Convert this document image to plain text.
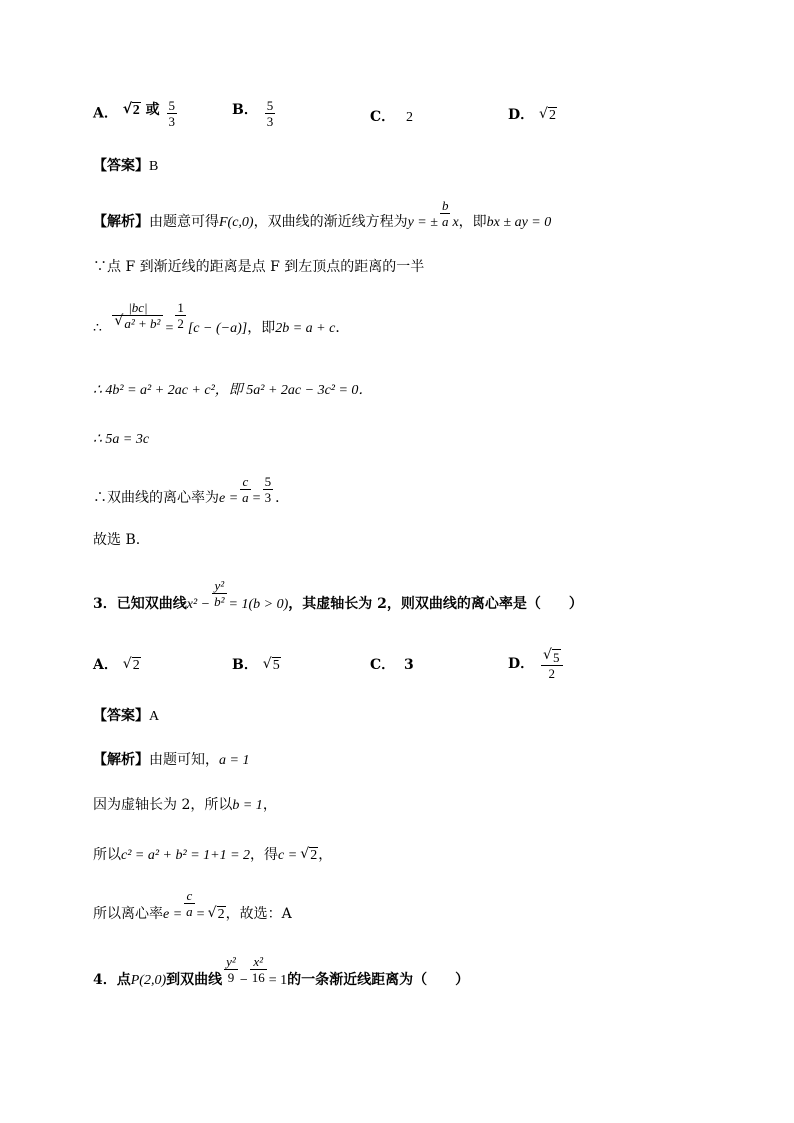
A． √ 2 或 $\frac{5}{3}$	B． $\frac{5}{3}$	C． 2	D． √ 2
【答案】B
【解析】由题意可得F(c,0)，双曲线的渐近线方程为y = ± $\frac{b}{a}$ x，即bx ± ay = 0
∵点 F 到渐近线的距离是点 F 到左顶点的距离的一半
∴ |bc|
√ $a^2 + b^2 = \frac{1}{2} [c - (-a)]$，即2b = a + c．
∴ 4b² = a² + 2ac + c²，即 5a² + 2ac − 3c² = 0．
∴ 5a = 3c
∴双曲线的离心率为$e = \frac{c}{a} = \frac{5}{3}$ ．
故选 B.
3．已知双曲线$x^2 - \frac{\text{y²}}{\text{b²}} = 1(b > 0)$，其虚轴长为 2，则双曲线的离心率是（　　）
A． √ 2	B． √ 5	C． 3	D． √ $\frac{5}{2}$
【答案】A
【解析】由题可知，a = 1
因为虚轴长为 2，所以b = 1，
所以c² = a² + b² = 1+1 = 2，得c = √ 2，
所以离心率$e = \frac{c}{a}$ = √ 2，故选：A
4．点P(2,0)到双曲线 $\frac{\text{y²}}{9} - \frac{\text{x²}}{16} = 1$的一条渐近线距离为（　　）
